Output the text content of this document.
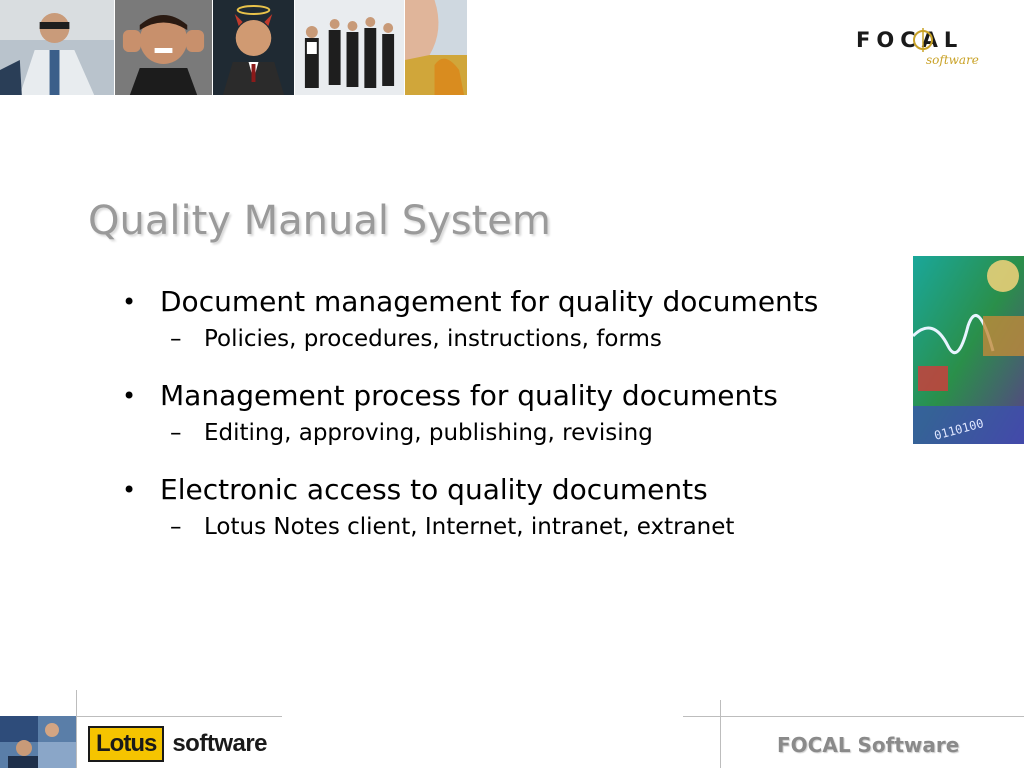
FOCAL
software
Quality Manual System
• Document management for quality documents
– Policies, procedures, instructions, forms
• Management process for quality documents
– Editing, approving, publishing, revising
• Electronic access to quality documents
– Lotus Notes client, Internet, intranet, extranet
0110100
Lotus software	FOCAL Software
